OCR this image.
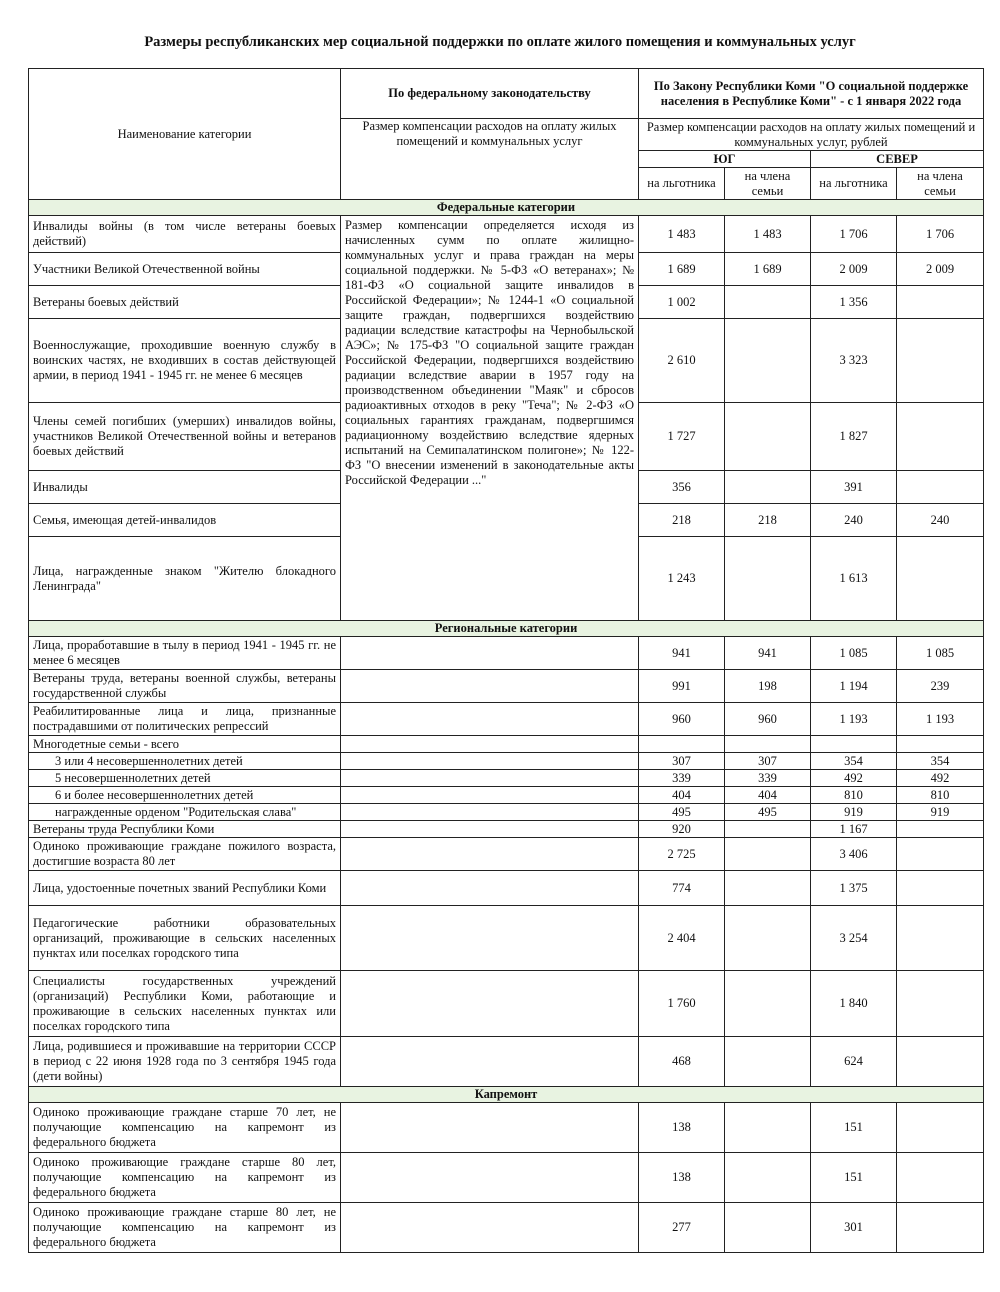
Размеры республиканских мер социальной поддержки по оплате жилого помещения и коммунальных услуг
Наименование категории	По федеральному законодательству	По Закону Республики Коми "О социальной поддержке населения в Республике Коми" - с 1 января 2022 года			
	Размер компенсации расходов на оплату жилых помещений и коммунальных услуг	Размер компенсации расходов на оплату жилых помещений и коммунальных услуг, рублей			
		ЮГ		СЕВЕР	
		на льготника	на члена семьи	на льготника	на члена семьи
Федеральные категории					
Инвалиды войны (в том числе ветераны боевых действий)	Размер компенсации определяется исходя из начисленных сумм по оплате жилищно-коммунальных услуг и права граждан на меры социальной поддержки. № 5-ФЗ «О ветеранах»; № 181-ФЗ «О социальной защите инвалидов в Российской Федерации»; № 1244-1 «О социальной защите граждан, подвергшихся воздействию радиации вследствие катастрофы на Чернобыльской АЭС»; № 175-ФЗ "О социальной защите граждан Российской Федерации, подвергшихся воздействию радиации вследствие аварии в 1957 году на производственном объединении "Маяк" и сбросов радиоактивных отходов в реку "Теча"; № 2-ФЗ «О социальных гарантиях гражданам, подвергшимся радиационному воздействию вследствие ядерных испытаний на Семипалатинском полигоне»; № 122-ФЗ "О внесении изменений в законодательные акты Российской Федерации ..."	1 483	1 483	1 706	1 706
Участники Великой Отечественной войны		1 689	1 689	2 009	2 009
Ветераны боевых действий		1 002		1 356	
Военнослужащие, проходившие военную службу в воинских частях, не входивших в состав действующей армии, в период 1941 - 1945 гг. не менее 6 месяцев		2 610		3 323	
Члены семей погибших (умерших) инвалидов войны, участников Великой Отечественной войны и ветеранов боевых действий		1 727		1 827	
Инвалиды		356		391	
Семья, имеющая детей-инвалидов		218	218	240	240
Лица, награжденные знаком "Жителю блокадного Ленинграда"		1 243		1 613	
Региональные категории					
Лица, проработавшие в тылу в период 1941 - 1945 гг. не менее 6 месяцев		941	941	1 085	1 085
Ветераны труда, ветераны военной службы, ветераны государственной службы		991	198	1 194	239
Реабилитированные лица и лица, признанные пострадавшими от политических репрессий		960	960	1 193	1 193
Многодетные семьи - всего					
3 или 4 несовершеннолетних детей		307	307	354	354
5 несовершеннолетних детей		339	339	492	492
6 и более несовершеннолетних детей		404	404	810	810
награжденные орденом "Родительская слава"		495	495	919	919
Ветераны труда Республики Коми		920		1 167	
Одиноко проживающие граждане пожилого возраста, достигшие возраста 80 лет		2 725		3 406	
Лица, удостоенные почетных званий Республики Коми		774		1 375	
Педагогические работники образовательных организаций, проживающие в сельских населенных пунктах или поселках городского типа		2 404		3 254	
Специалисты государственных учреждений (организаций) Республики Коми, работающие и проживающие в сельских населенных пунктах или поселках городского типа		1 760		1 840	
Лица, родившиеся и проживавшие на территории СССР в период с 22 июня 1928 года по 3 сентября 1945 года (дети войны)		468		624	
Капремонт					
Одиноко проживающие граждане старше 70 лет, не получающие компенсацию на капремонт из федерального бюджета		138		151	
Одиноко проживающие граждане старше 80 лет, получающие компенсацию на капремонт из федерального бюджета		138		151	
Одиноко проживающие граждане старше 80 лет, не получающие компенсацию на капремонт из федерального бюджета		277		301	
